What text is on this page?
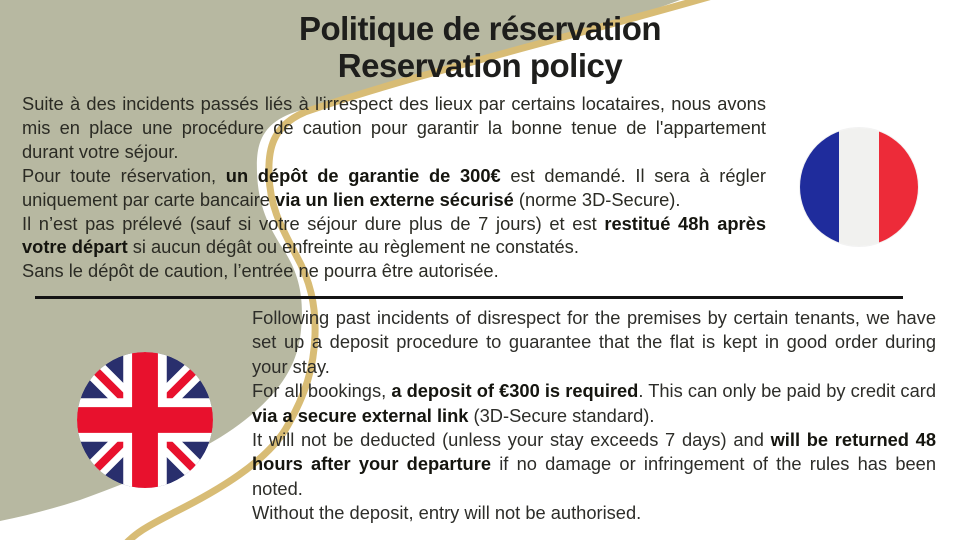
Politique de réservation
Reservation policy

Suite à des incidents passés liés à l'irrespect des lieux par certains locataires, nous avons mis en place une procédure de caution pour garantir la bonne tenue de l'appartement durant votre séjour.

Pour toute réservation, un dépôt de garantie de 300€ est demandé. Il sera à régler uniquement par carte bancaire via un lien externe sécurisé (norme 3D-Secure).

Il n’est pas prélevé (sauf si votre séjour dure plus de 7 jours) et est restitué 48h après votre départ si aucun dégât ou enfreinte au règlement ne constatés.

Sans le dépôt de caution, l’entrée ne pourra être autorisée.

Following past incidents of disrespect for the premises by certain tenants, we have set up a deposit procedure to guarantee that the flat is kept in good order during your stay.

For all bookings, a deposit of €300 is required. This can only be paid by credit card via a secure external link (3D-Secure standard).

It will not be deducted (unless your stay exceeds 7 days) and will be returned 48 hours after your departure if no damage or infringement of the rules has been noted.

Without the deposit, entry will not be authorised.
